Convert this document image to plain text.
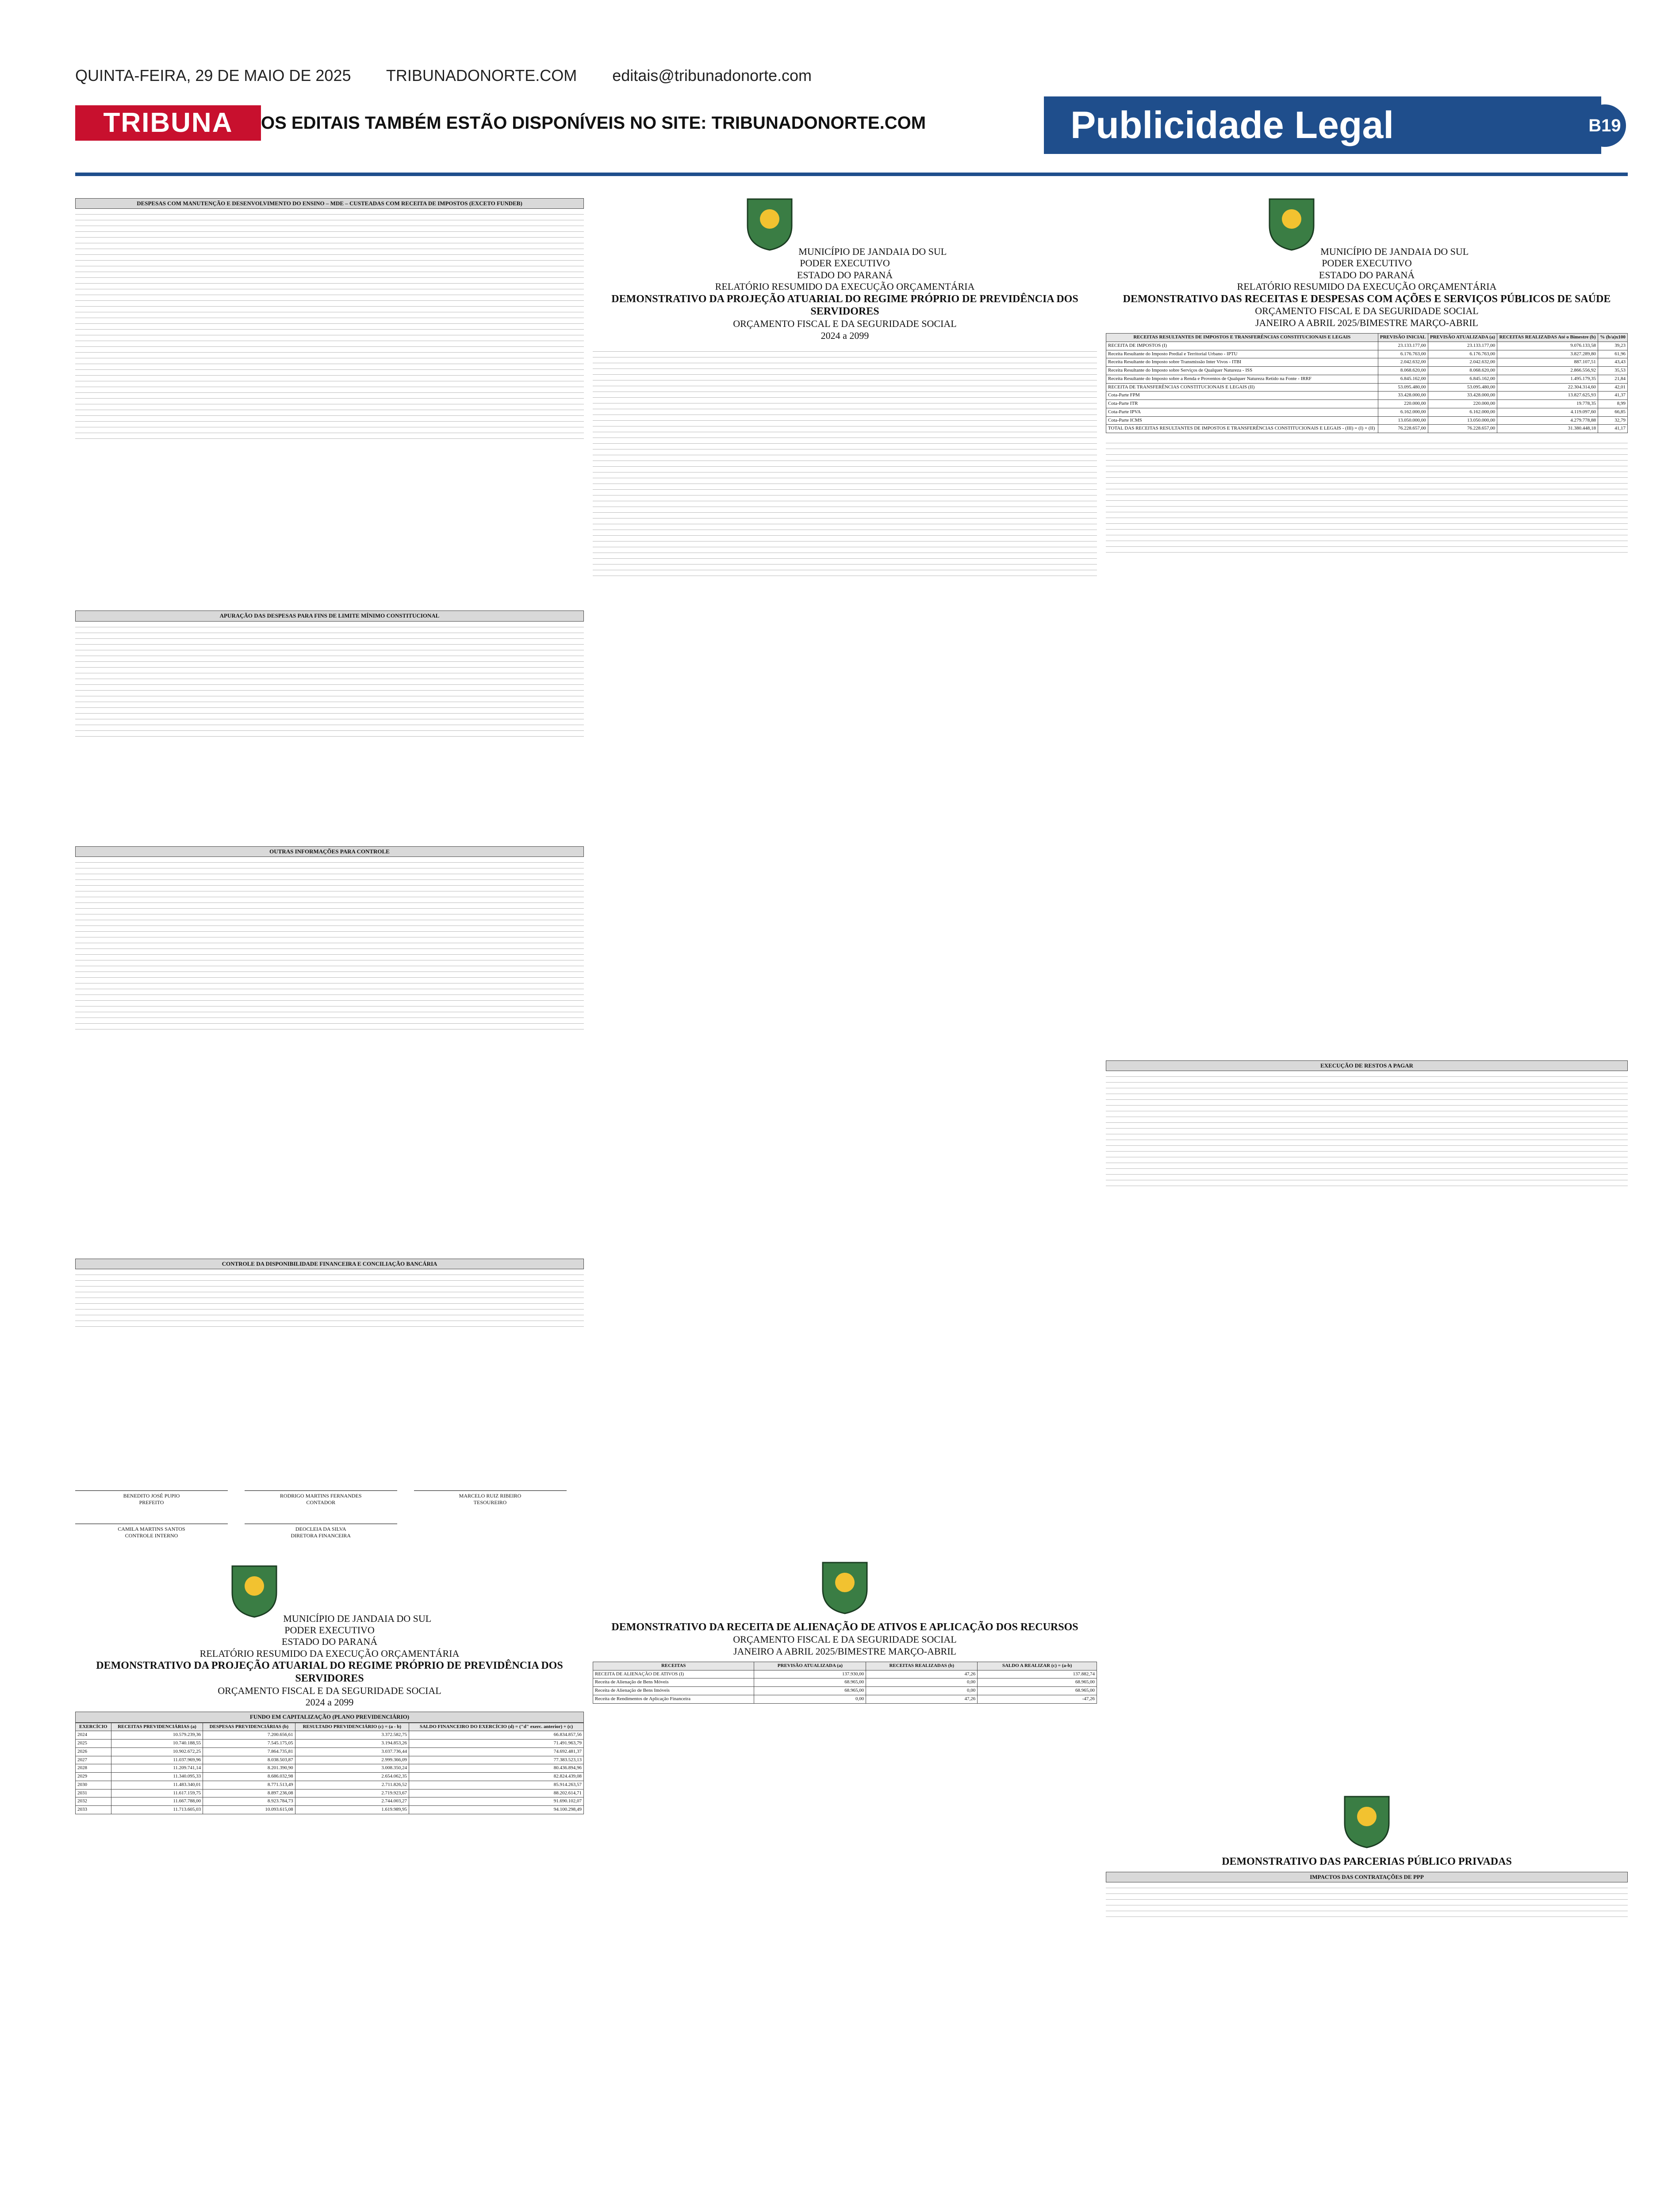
QUINTA-FEIRA, 29 DE MAIO DE 2025 TRIBUNADONORTE.COM editais@tribunadonorte.com
TRIBUNA	OS EDITAIS TAMBÉM ESTÃO DISPONÍVEIS NO SITE: TRIBUNADONORTE.COM	Publicidade Legal	B19
DESPESAS COM MANUTENÇÃO E DESENVOLVIMENTO DO ENSINO – MDE – CUSTEADAS COM RECEITA DE IMPOSTOS (EXCETO FUNDEB)
APURAÇÃO DAS DESPESAS PARA FINS DE LIMITE MÍNIMO CONSTITUCIONAL
OUTRAS INFORMAÇÕES PARA CONTROLE
CONTROLE DA DISPONIBILIDADE FINANCEIRA E CONCILIAÇÃO BANCÁRIA
BENEDITO JOSÉ PUPIO
PREFEITO RODRIGO MARTINS FERNANDES
CONTADOR MARCELO RUIZ RIBEIRO
TESOUREIRO CAMILA MARTINS SANTOS
CONTROLE INTERNO DEOCLEIA DA SILVA
DIRETORA FINANCEIRA
MUNICÍPIO DE JANDAIA DO SUL
PODER EXECUTIVO
ESTADO DO PARANÁ
RELATÓRIO RESUMIDO DA EXECUÇÃO ORÇAMENTÁRIA
DEMONSTRATIVO DA PROJEÇÃO ATUARIAL DO REGIME PRÓPRIO DE PREVIDÊNCIA DOS SERVIDORES
ORÇAMENTO FISCAL E DA SEGURIDADE SOCIAL
2024 a 2099
FUNDO EM CAPITALIZAÇÃO (PLANO PREVIDENCIÁRIO)
EXERCÍCIO	RECEITAS PREVIDENCIÁRIAS (a)	DESPESAS PREVIDENCIÁRIAS (b)	RESULTADO PREVIDENCIÁRIO (c) = (a - b)	SALDO FINANCEIRO DO EXERCÍCIO (d) = ("d" exerc. anterior) + (c)
2024	10.579.239,36	7.200.656,61	3.372.582,75	66.834.857,56
2025	10.740.188,55	7.545.175,05	3.194.853,26	71.491.963,79
2026	10.902.672,25	7.864.735,81	3.037.736,44	74.692.481,37
2027	11.037.969,96	8.038.503,87	2.999.366,09	77.383.523,13
2028	11.209.741,14	8.201.390,90	3.008.350,24	80.436.894,96
2029	11.340.095,33	8.686.032,98	2.654.062,35	82.824.439,08
2030	11.483.340,01	8.771.513,49	2.711.826,52	85.914.263,57
2031	11.617.159,75	8.897.236,08	2.719.923,67	88.202.614,71
2032	11.667.788,00	8.923.784,73	2.744.003,27	91.690.102,07
2033	11.713.605,03	10.093.615,08	1.619.989,95	94.100.298,49
MUNICÍPIO DE JANDAIA DO SUL
PODER EXECUTIVO
ESTADO DO PARANÁ
RELATÓRIO RESUMIDO DA EXECUÇÃO ORÇAMENTÁRIA
DEMONSTRATIVO DA PROJEÇÃO ATUARIAL DO REGIME PRÓPRIO DE PREVIDÊNCIA DOS SERVIDORES
ORÇAMENTO FISCAL E DA SEGURIDADE SOCIAL
2024 a 2099
DEMONSTRATIVO DA RECEITA DE ALIENAÇÃO DE ATIVOS E APLICAÇÃO DOS RECURSOS
ORÇAMENTO FISCAL E DA SEGURIDADE SOCIAL
JANEIRO A ABRIL 2025/BIMESTRE MARÇO-ABRIL
RECEITAS	PREVISÃO ATUALIZADA (a)	RECEITAS REALIZADAS (b)	SALDO A REALIZAR (c) = (a-b)
RECEITA DE ALIENAÇÃO DE ATIVOS (I)	137.930,00	47,26	137.882,74
Receita de Alienação de Bens Móveis	68.965,00	0,00	68.965,00
Receita de Alienação de Bens Imóveis	68.965,00	0,00	68.965,00
Receita de Rendimentos de Aplicação Financeira	0,00	47,26	-47,26
MUNICÍPIO DE JANDAIA DO SUL
PODER EXECUTIVO
ESTADO DO PARANÁ
RELATÓRIO RESUMIDO DA EXECUÇÃO ORÇAMENTÁRIA
DEMONSTRATIVO DAS RECEITAS E DESPESAS COM AÇÕES E SERVIÇOS PÚBLICOS DE SAÚDE
ORÇAMENTO FISCAL E DA SEGURIDADE SOCIAL
JANEIRO A ABRIL 2025/BIMESTRE MARÇO-ABRIL
RECEITAS RESULTANTES DE IMPOSTOS E TRANSFERÊNCIAS CONSTITUCIONAIS E LEGAIS	PREVISÃO INICIAL	PREVISÃO ATUALIZADA (a)	RECEITAS REALIZADAS Até o Bimestre (b)	% (b/a)x100
RECEITA DE IMPOSTOS (I)	23.133.177,00	23.133.177,00	9.076.133,58	39,23
Receita Resultante do Imposto Predial e Territorial Urbano - IPTU	6.176.763,00	6.176.763,00	3.827.289,80	61,96
Receita Resultante do Imposto sobre Transmissão Inter Vivos - ITBI	2.042.632,00	2.042.632,00	887.107,51	43,43
Receita Resultante do Imposto sobre Serviços de Qualquer Natureza - ISS	8.068.620,00	8.068.620,00	2.866.556,92	35,53
Receita Resultante do Imposto sobre a Renda e Proventos de Qualquer Natureza Retido na Fonte - IRRF	6.845.162,00	6.845.162,00	1.495.179,35	21,84
RECEITA DE TRANSFERÊNCIAS CONSTITUCIONAIS E LEGAIS (II)	53.095.480,00	53.095.480,00	22.304.314,60	42,01
Cota-Parte FPM	33.428.000,00	33.428.000,00	13.827.625,93	41,37
Cota-Parte ITR	220.000,00	220.000,00	19.778,35	8,99
Cota-Parte IPVA	6.162.000,00	6.162.000,00	4.119.097,60	66,85
Cota-Parte ICMS	13.050.000,00	13.050.000,00	4.279.778,88	32,79
TOTAL DAS RECEITAS RESULTANTES DE IMPOSTOS E TRANSFERÊNCIAS CONSTITUCIONAIS E LEGAIS - (III) = (I) + (II)	76.228.657,00	76.228.657,00	31.380.448,18	41,17
EXECUÇÃO DE RESTOS A PAGAR
DEMONSTRATIVO DAS PARCERIAS PÚBLICO PRIVADAS
IMPACTOS DAS CONTRATAÇÕES DE PPP
